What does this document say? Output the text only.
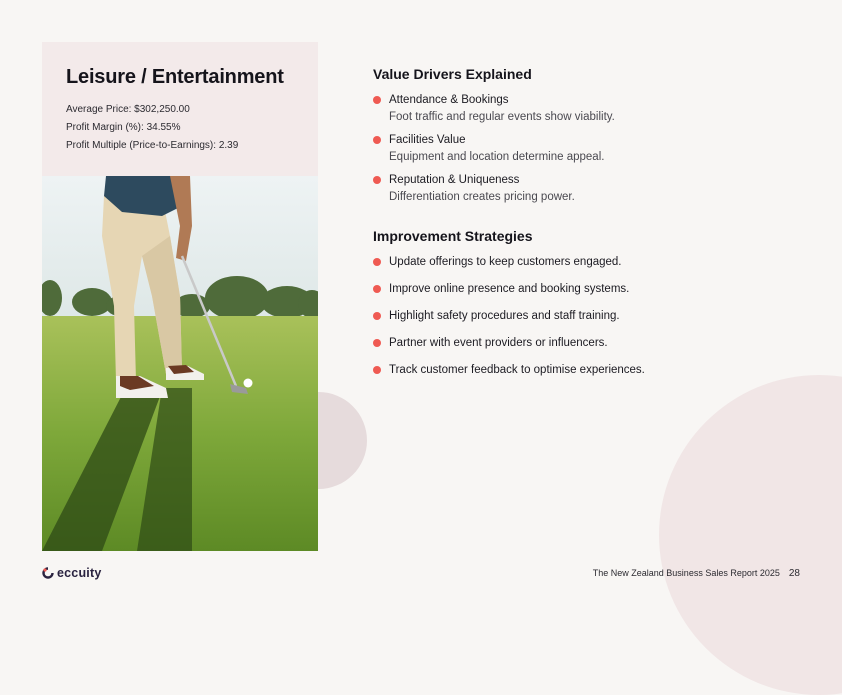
Leisure / Entertainment
Average Price: $302,250.00
Profit Margin (%): 34.55%
Profit Multiple (Price-to-Earnings): 2.39
Value Drivers Explained
Attendance & Bookings
Foot traffic and regular events show viability.
Facilities Value
Equipment and location determine appeal.
Reputation & Uniqueness
Differentiation creates pricing power.
Improvement Strategies
Update offerings to keep customers engaged.
Improve online presence and booking systems.
Highlight safety procedures and staff training.
Partner with event providers or influencers.
Track customer feedback to optimise experiences.
eccuity	The New Zealand Business Sales Report 2025 28
